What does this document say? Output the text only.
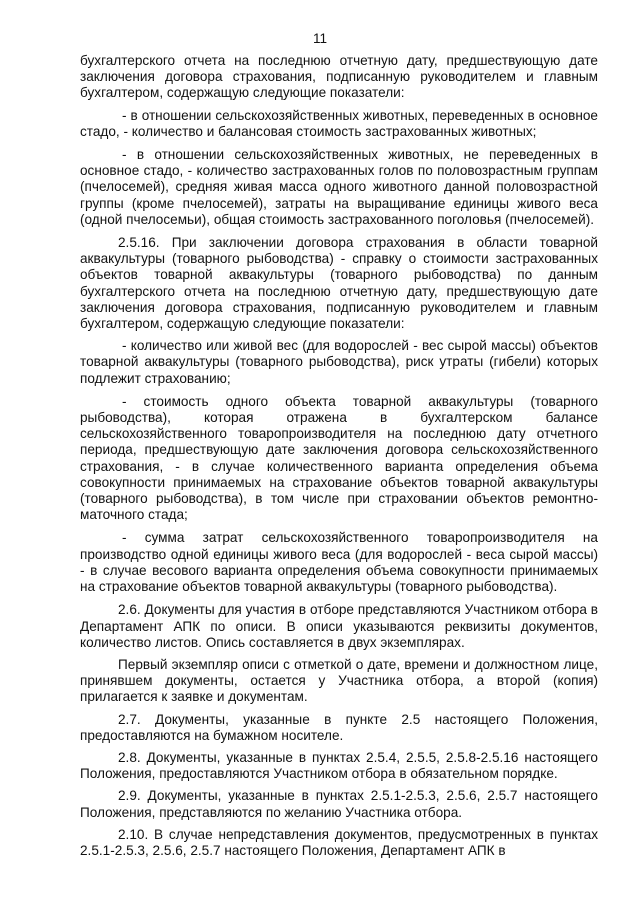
11

бухгалтерского отчета на последнюю отчетную дату, предшествующую дате заключения договора страхования, подписанную руководителем и главным бухгалтером, содержащую следующие показатели:

- в отношении сельскохозяйственных животных, переведенных в основное стадо, - количество и балансовая стоимость застрахованных животных;

- в отношении сельскохозяйственных животных, не переведенных в основное стадо, - количество застрахованных голов по половозрастным группам (пчелосемей), средняя живая масса одного животного данной половозрастной группы (кроме пчелосемей), затраты на выращивание единицы живого веса (одной пчелосемьи), общая стоимость застрахованного поголовья (пчелосемей).

2.5.16. При заключении договора страхования в области товарной аквакультуры (товарного рыбоводства) - справку о стоимости застрахованных объектов товарной аквакультуры (товарного рыбоводства) по данным бухгалтерского отчета на последнюю отчетную дату, предшествующую дате заключения договора страхования, подписанную руководителем и главным бухгалтером, содержащую следующие показатели:

- количество или живой вес (для водорослей - вес сырой массы) объектов товарной аквакультуры (товарного рыбоводства), риск утраты (гибели) которых подлежит страхованию;

- стоимость одного объекта товарной аквакультуры (товарного рыбоводства), которая отражена в бухгалтерском балансе сельскохозяйственного товаропроизводителя на последнюю дату отчетного периода, предшествующую дате заключения договора сельскохозяйственного страхования, - в случае количественного варианта определения объема совокупности принимаемых на страхование объектов товарной аквакультуры (товарного рыбоводства), в том числе при страховании объектов ремонтно-маточного стада;

- сумма затрат сельскохозяйственного товаропроизводителя на производство одной единицы живого веса (для водорослей - веса сырой массы) - в случае весового варианта определения объема совокупности принимаемых на страхование объектов товарной аквакультуры (товарного рыбоводства).

2.6. Документы для участия в отборе представляются Участником отбора в Департамент АПК по описи. В описи указываются реквизиты документов, количество листов. Опись составляется в двух экземплярах.

Первый экземпляр описи с отметкой о дате, времени и должностном лице, принявшем документы, остается у Участника отбора, а второй (копия) прилагается к заявке и документам.

2.7. Документы, указанные в пункте 2.5 настоящего Положения, предоставляются на бумажном носителе.

2.8. Документы, указанные в пунктах 2.5.4, 2.5.5, 2.5.8-2.5.16 настоящего Положения, предоставляются Участником отбора в обязательном порядке.

2.9. Документы, указанные в пунктах 2.5.1-2.5.3, 2.5.6, 2.5.7 настоящего Положения, представляются по желанию Участника отбора.

2.10. В случае непредставления документов, предусмотренных в пунктах 2.5.1-2.5.3, 2.5.6, 2.5.7 настоящего Положения, Департамент АПК в
